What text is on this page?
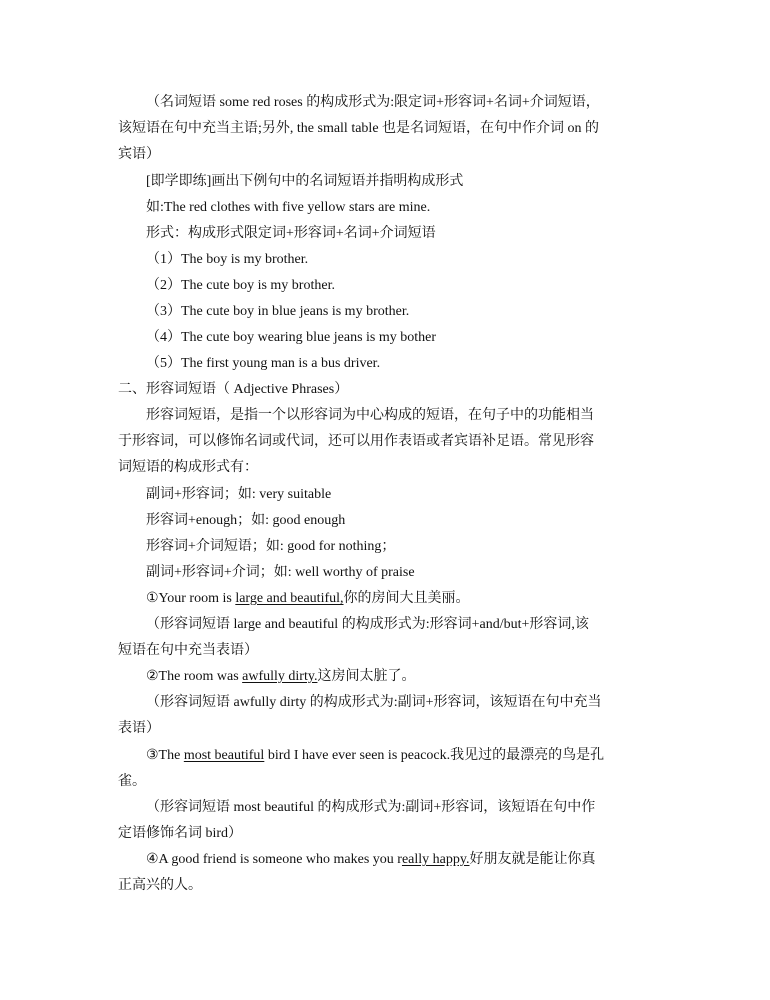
（名词短语 some red roses 的构成形式为:限定词+形容词+名词+介词短语，
该短语在句中充当主语;另外, the small table 也是名词短语，在句中作介词 on 的
宾语）
[即学即练]画出下例句中的名词短语并指明构成形式
如:The red clothes with five yellow stars are mine.
形式：构成形式限定词+形容词+名词+介词短语
（1）The boy is my brother.
（2）The cute boy is my brother.
（3）The cute boy in blue jeans is my brother.
（4）The cute boy wearing blue jeans is my bother
（5）The first young man is a bus driver.
二、形容词短语（ Adjective Phrases）
形容词短语，是指一个以形容词为中心构成的短语，在句子中的功能相当
于形容词，可以修饰名词或代词，还可以用作表语或者宾语补足语。常见形容
词短语的构成形式有：
副词+形容词；如: very suitable
形容词+enough；如: good enough
形容词+介词短语；如: good for nothing；
副词+形容词+介词；如: well worthy of praise
①Your room is large and beautiful,你的房间大且美丽。
（形容词短语 large and beautiful 的构成形式为:形容词+and/but+形容词,该
短语在句中充当表语）
②The room was awfully dirty.这房间太脏了。
（形容词短语 awfully dirty 的构成形式为:副词+形容词，该短语在句中充当
表语）
③The most beautiful bird I have ever seen is peacock.我见过的最漂亮的鸟是孔
雀。
（形容词短语 most beautiful 的构成形式为:副词+形容词，该短语在句中作
定语修饰名词 bird）
④A good friend is someone who makes you really happy.好朋友就是能让你真
正高兴的人。
